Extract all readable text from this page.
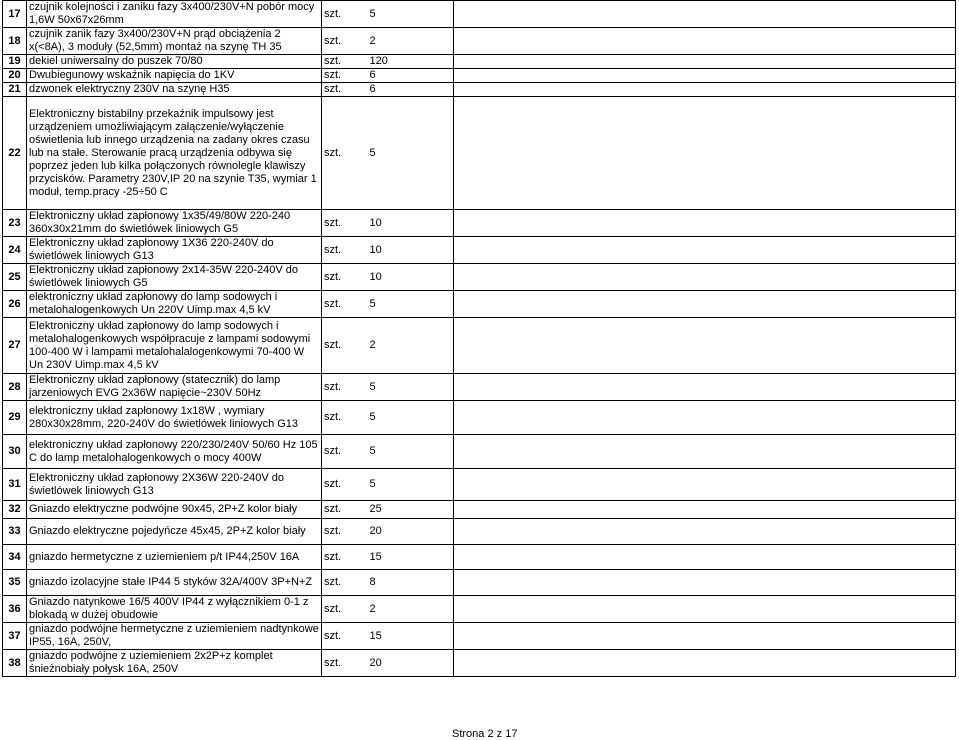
17	czujnik kolejności i zaniku fazy 3x400/230V+N pobór mocy 1,6W 50x67x26mm	szt.	5	
18	czujnik zanik fazy 3x400/230V+N prąd obciążenia 2 x(<8A), 3 moduły (52,5mm) montaż na szynę TH 35	szt.	2	
19	dekiel uniwersalny do puszek 70/80	szt.	120	
20	Dwubiegunowy wskaźnik napięcia do 1KV	szt.	6	
21	dzwonek elektryczny 230V na szynę H35	szt.	6	
22	Elektroniczny bistabilny przekaźnik impulsowy jest urządzeniem umożliwiającym załączenie/wyłączenie oświetlenia lub innego urządzenia na zadany okres czasu lub na stałe. Sterowanie pracą urządzenia odbywa się poprzez jeden lub kilka połączonych równolegle klawiszy przycisków. Parametry 230V,IP 20 na szynie T35, wymiar 1 moduł, temp.pracy -25÷50 C	szt.	5	
23	Elektroniczny układ zapłonowy 1x35/49/80W 220-240 360x30x21mm do świetlówek liniowych G5	szt.	10	
24	Elektroniczny układ zapłonowy 1X36 220-240V do świetlówek liniowych G13	szt.	10	
25	Elektroniczny układ zapłonowy 2x14-35W 220-240V do świetlówek liniowych G5	szt.	10	
26	elektroniczny układ zapłonowy do lamp sodowych i metalohalogenkowych Un 220V Uimp.max 4,5 kV	szt.	5	
27	Elektroniczny układ zapłonowy do lamp sodowych i metalohalogenkowych współpracuje z lampami sodowymi 100-400 W i lampami metalohalalogenkowymi 70-400 W Un 230V Uimp.max 4,5 kV	szt.	2	
28	Elektroniczny układ zapłonowy (statecznik) do lamp jarzeniowych EVG 2x36W napięcie~230V 50Hz	szt.	5	
29	elektroniczny układ zapłonowy 1x18W , wymiary 280x30x28mm, 220-240V do świetlówek liniowych G13	szt.	5	
30	elektroniczny układ zapłonowy 220/230/240V 50/60 Hz 105 C do lamp metalohalogenkowych o mocy 400W	szt.	5	
31	Elektroniczny układ zapłonowy 2X36W 220-240V do świetlówek liniowych G13	szt.	5	
32	Gniazdo elektryczne podwójne 90x45, 2P+Z kolor biały	szt.	25	
33	Gniazdo elektryczne pojedyńcze 45x45, 2P+Z kolor biały	szt.	20	
34	gniazdo hermetyczne z uziemieniem p/t IP44,250V 16A	szt.	15	
35	gniazdo izolacyjne stałe IP44 5 styków 32A/400V 3P+N+Z	szt.	8	
36	Gniazdo natynkowe 16/5 400V IP44 z wyłącznikiem 0-1 z blokadą w dużej obudowie	szt.	2	
37	gniazdo podwójne hermetyczne z uziemieniem nadtynkowe IP55, 16A, 250V,	szt.	15	
38	gniazdo podwójne z uziemieniem 2x2P+z komplet śnieżnobiały połysk 16A, 250V	szt.	20	
Strona 2 z 17
